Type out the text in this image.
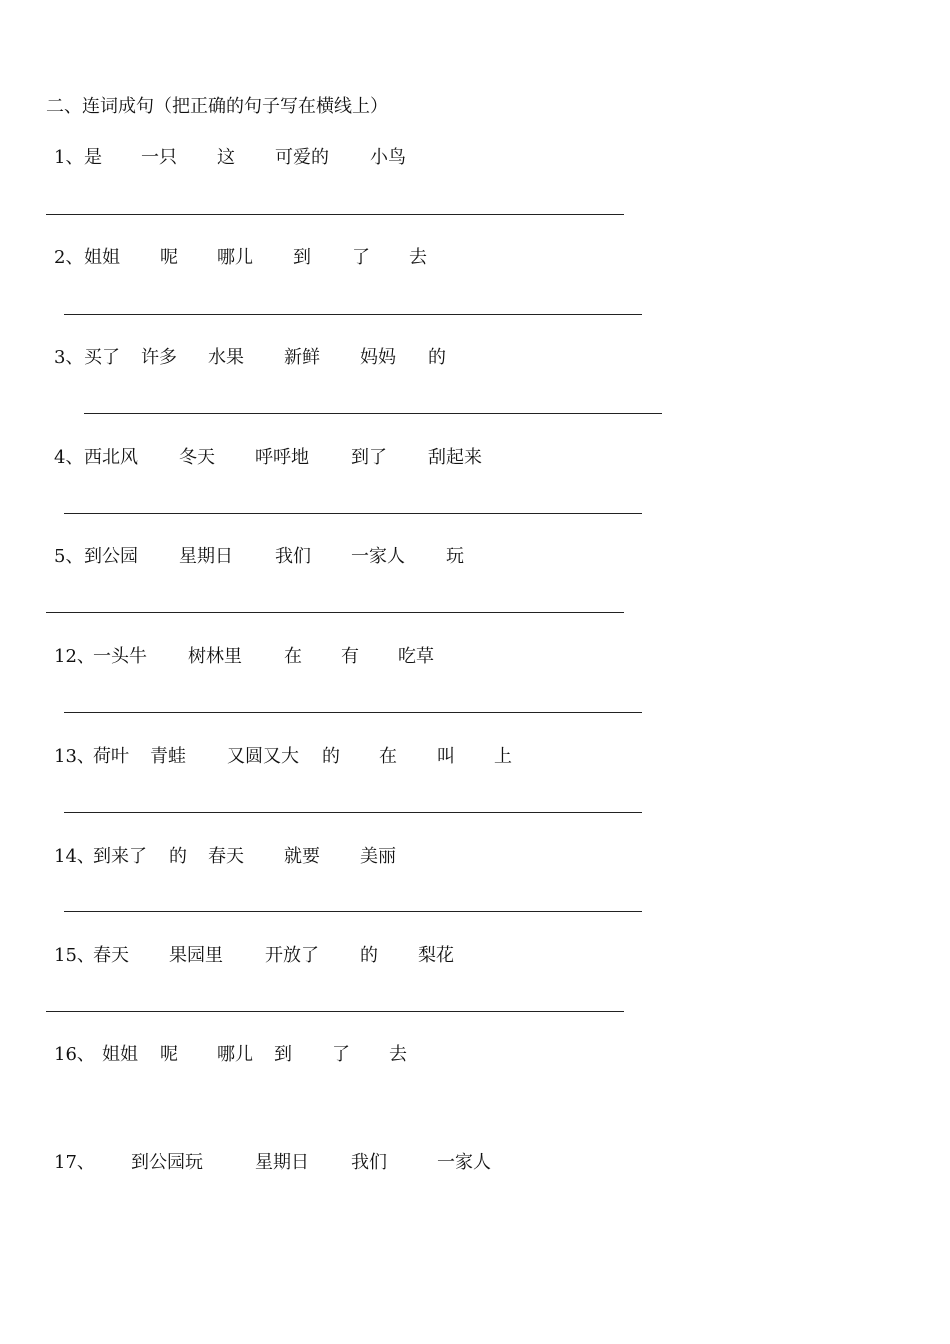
二、连词成句（把正确的句子写在横线上）
1、 是 一只 这 可爱的 小鸟
2、 姐姐 呢 哪儿 到 了 去
3、 买了 许多 水果 新鲜 妈妈 的
4、 西北风 冬天 呼呼地 到了 刮起来
5、 到公园 星期日 我们 一家人 玩
12、
一头牛 树林里 在 有 吃草
13、
荷叶 青蛙 又圆又大 的 在 叫 上
14、
到来了 的 春天 就要 美丽
15、
春天 果园里 开放了 的 梨花
16、 姐姐 呢 哪儿 到 了 去
17、 到公园玩	星期日 我们	一家人
